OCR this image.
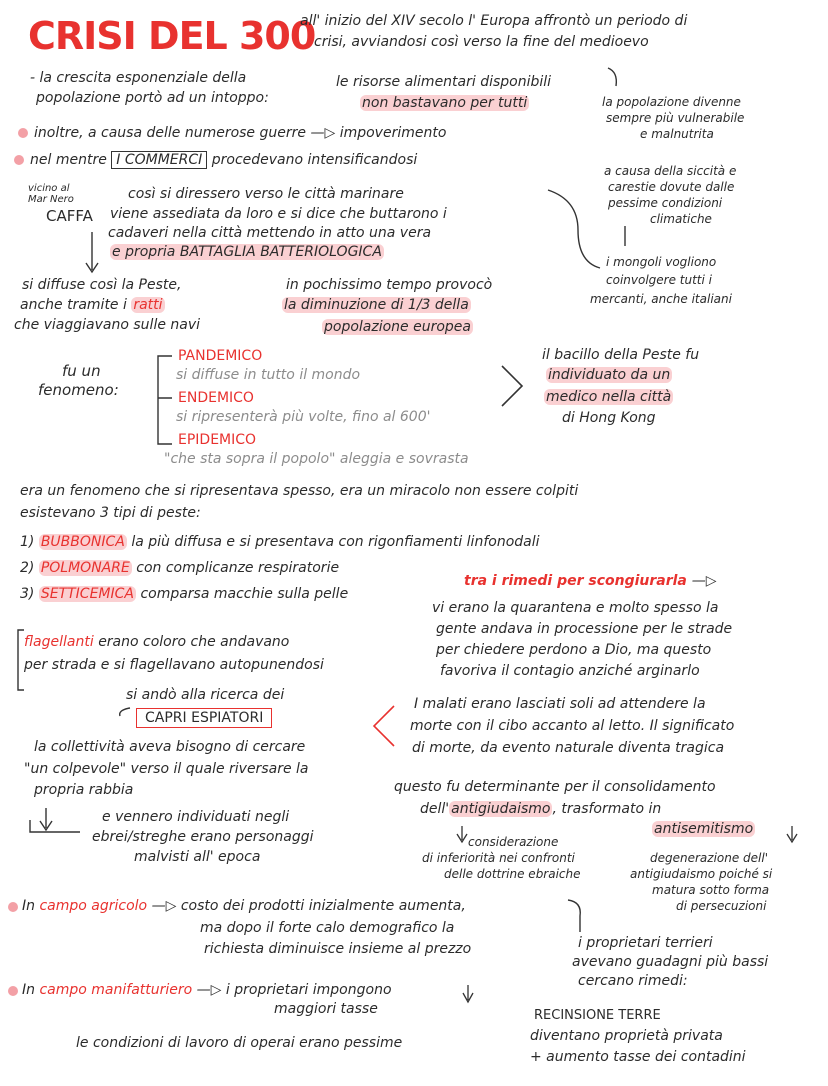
CRISI DEL 300
all' inizio del XIV secolo l' Europa affrontò un periodo di
crisi, avviandosi così verso la fine del medioevo
- la crescita esponenziale della
popolazione portò ad un intoppo:
le risorse alimentari disponibili
non bastavano per tutti	la popolazione divenne
sempre più vulnerabile
e malnutrita
a causa della siccità e
carestie dovute dalle
pessime condizioni
climatiche
i mongoli vogliono
coinvolgere tutti i
mercanti, anche italiani
inoltre, a causa delle numerose guerre —▷ impoverimento
nel mentre I COMMERCI procedevano intensificandosi
vicino al
Mar Nero
CAFFA
così si diressero verso le città marinare
viene assediata da loro e si dice che buttarono i
cadaveri nella città mettendo in atto una vera
e propria BATTAGLIA BATTERIOLOGICA
si diffuse così la Peste,
anche tramite i ratti
che viaggiavano sulle navi
in pochissimo tempo provocò
la diminuzione di 1/3 della
popolazione europea
fu un
fenomeno:
PANDEMICO
si diffuse in tutto il mondo
ENDEMICO
si ripresenterà più volte, fino al 600'
EPIDEMICO
"che sta sopra il popolo" aleggia e sovrasta
il bacillo della Peste fu
individuato da un
medico nella città
di Hong Kong
era un fenomeno che si ripresentava spesso, era un miracolo non essere colpiti
esistevano 3 tipi di peste:
1) BUBBONICA la più diffusa e si presentava con rigonfiamenti linfonodali
2) POLMONARE con complicanze respiratorie
3) SETTICEMICA comparsa macchie sulla pelle
tra i rimedi per scongiurarla —▷
vi erano la quarantena e molto spesso la
gente andava in processione per le strade
per chiedere perdono a Dio, ma questo
favoriva il contagio anziché arginarlo
flagellanti erano coloro che andavano
per strada e si flagellavano autopunendosi
si andò alla ricerca dei
CAPRI ESPIATORI
la collettività aveva bisogno di cercare
"un colpevole" verso il quale riversare la
propria rabbia
e vennero individuati negli
ebrei/streghe erano personaggi
malvisti all' epoca
I malati erano lasciati soli ad attendere la
morte con il cibo accanto al letto. Il significato
di morte, da evento naturale diventa tragica
questo fu determinante per il consolidamento
dell' antigiudaismo , trasformato in
antisemitismo
considerazione
di inferiorità nei confronti
delle dottrine ebraiche
degenerazione dell'
antigiudaismo poiché si
matura sotto forma
di persecuzioni
In campo agricolo —▷ costo dei prodotti inizialmente aumenta,
ma dopo il forte calo demografico la
richiesta diminuisce insieme al prezzo	i proprietari terrieri
avevano guadagni più bassi
cercano rimedi:
In campo manifatturiero —▷ i proprietari impongono
maggiori tasse
le condizioni di lavoro di operai erano pessime
RECINSIONE TERRE
diventano proprietà privata
+ aumento tasse dei contadini
